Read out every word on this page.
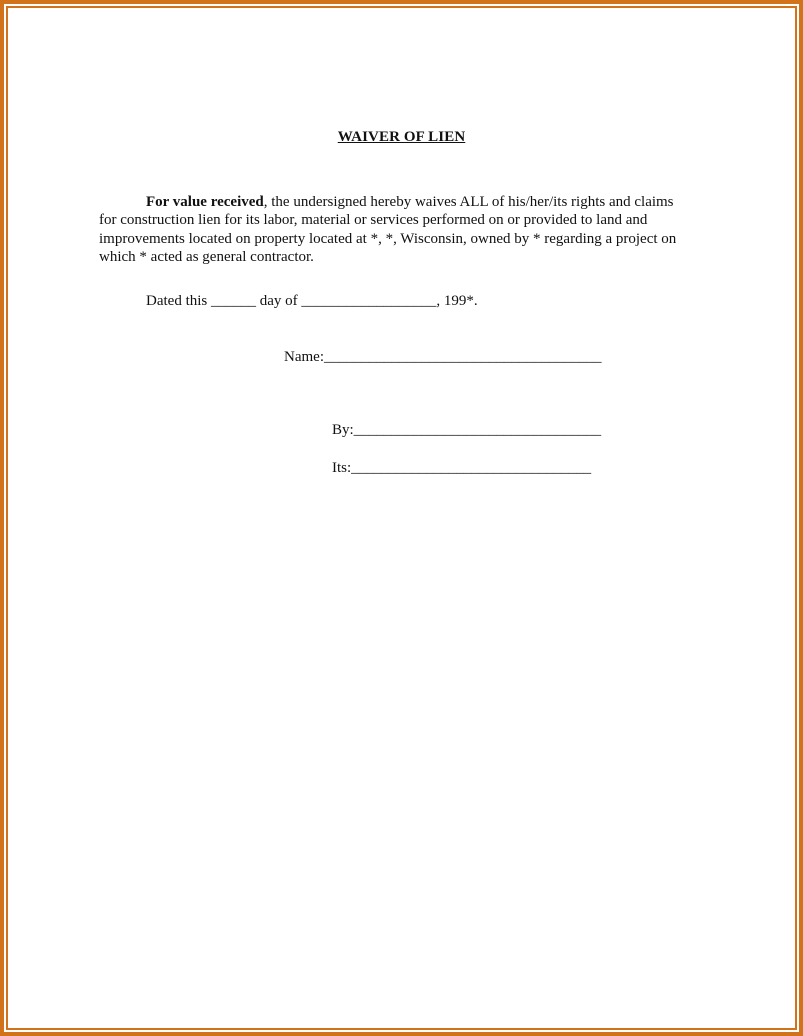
WAIVER OF LIEN
For value received, the undersigned hereby waives ALL of his/her/its rights and claims
for construction lien for its labor, material or services performed on or provided to land and
improvements located on property located at *, *, Wisconsin, owned by * regarding a project on
which * acted as general contractor.
Dated this ______ day of __________________, 199*.
Name:_____________________________________
By:_________________________________
Its:________________________________
